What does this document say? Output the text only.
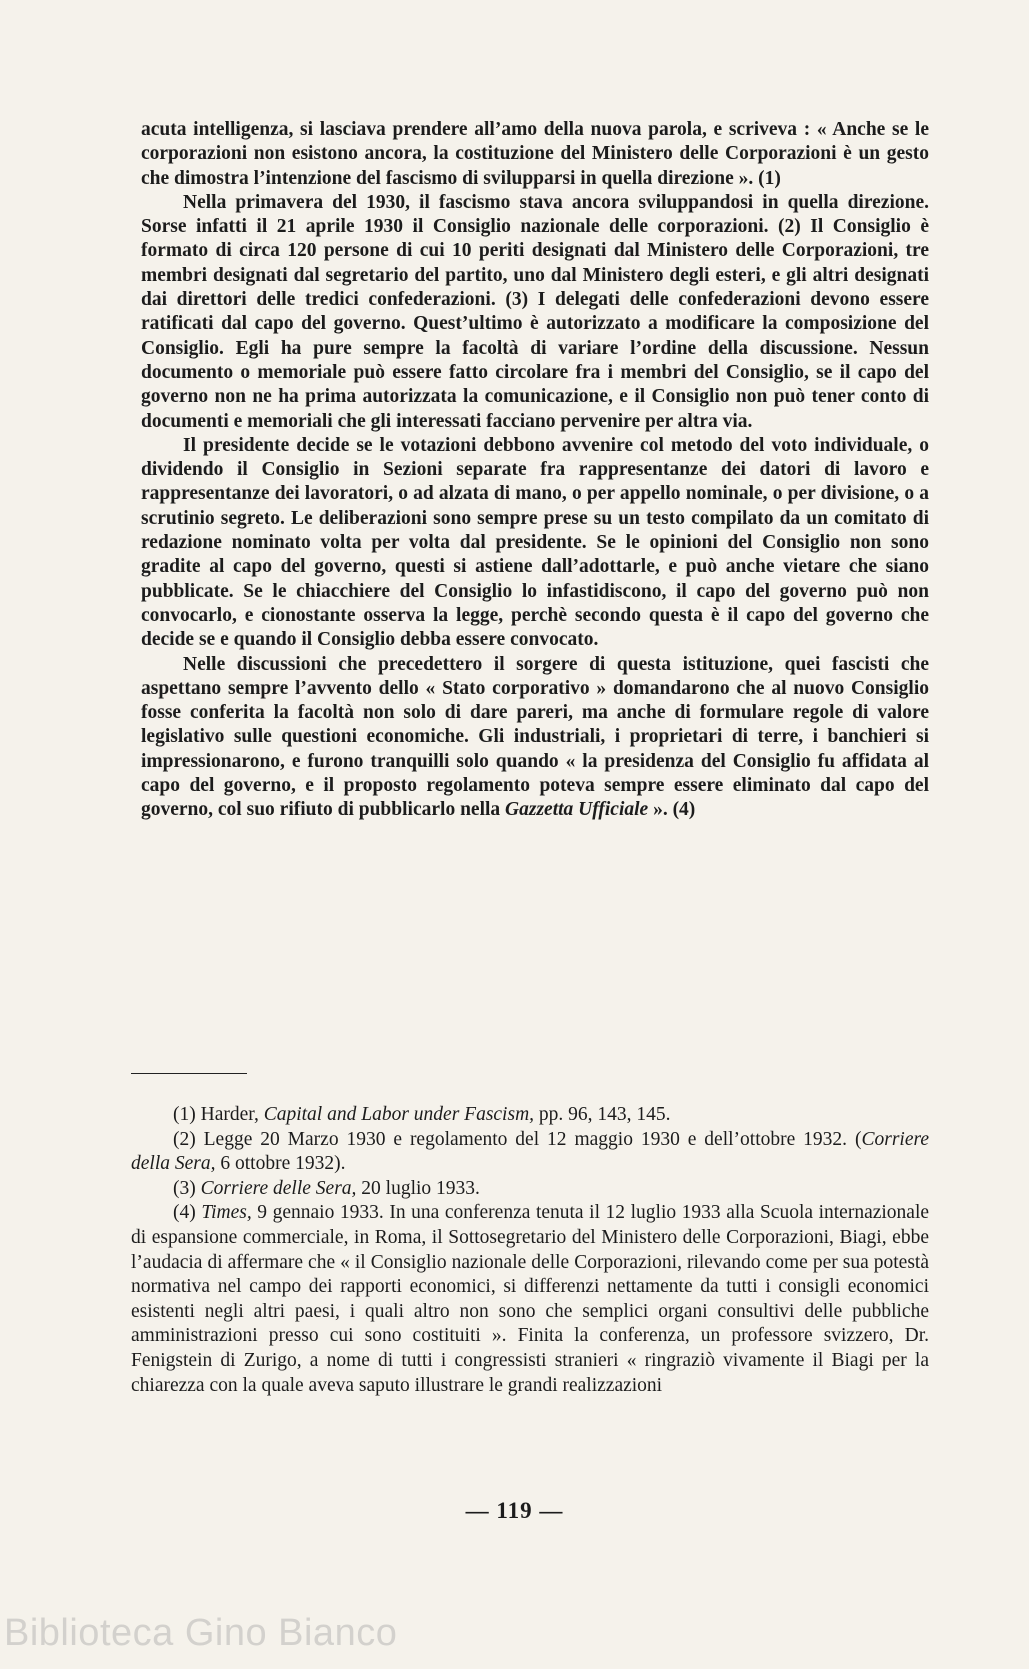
acuta intelligenza, si lasciava prendere all’amo della nuova parola, e scriveva : « Anche se le corporazioni non esistono ancora, la costituzione del Ministero delle Corporazioni è un gesto che dimostra l’intenzione del fascismo di svilupparsi in quella direzione ». (1)

Nella primavera del 1930, il fascismo stava ancora sviluppandosi in quella direzione. Sorse infatti il 21 aprile 1930 il Consiglio nazionale delle corporazioni. (2) Il Consiglio è formato di circa 120 persone di cui 10 periti designati dal Ministero delle Corporazioni, tre membri designati dal segretario del partito, uno dal Ministero degli esteri, e gli altri designati dai direttori delle tredici confederazioni. (3) I delegati delle confederazioni devono essere ratificati dal capo del governo. Quest’ultimo è autorizzato a modificare la composizione del Consiglio. Egli ha pure sempre la facoltà di variare l’ordine della discussione. Nessun documento o memoriale può essere fatto circolare fra i membri del Consiglio, se il capo del governo non ne ha prima autorizzata la comunicazione, e il Consiglio non può tener conto di documenti e memoriali che gli interessati facciano pervenire per altra via.

Il presidente decide se le votazioni debbono avvenire col metodo del voto individuale, o dividendo il Consiglio in Sezioni separate fra rappresentanze dei datori di lavoro e rappresentanze dei lavoratori, o ad alzata di mano, o per appello nominale, o per divisione, o a scrutinio segreto. Le deliberazioni sono sempre prese su un testo compilato da un comitato di redazione nominato volta per volta dal presidente. Se le opinioni del Consiglio non sono gradite al capo del governo, questi si astiene dall’adottarle, e può anche vietare che siano pubblicate. Se le chiacchiere del Consiglio lo infastidiscono, il capo del governo può non convocarlo, e cionostante osserva la legge, perchè secondo questa è il capo del governo che decide se e quando il Consiglio debba essere convocato.

Nelle discussioni che precedettero il sorgere di questa istituzione, quei fascisti che aspettano sempre l’avvento dello « Stato corporativo » domandarono che al nuovo Consiglio fosse conferita la facoltà non solo di dare pareri, ma anche di formulare regole di valore legislativo sulle questioni economiche. Gli industriali, i proprietari di terre, i banchieri si impressionarono, e furono tranquilli solo quando « la presidenza del Consiglio fu affidata al capo del governo, e il proposto regolamento poteva sempre essere eliminato dal capo del governo, col suo rifiuto di pubblicarlo nella Gazzetta Ufficiale ». (4)

(1) Harder, Capital and Labor under Fascism, pp. 96, 143, 145.

(2) Legge 20 Marzo 1930 e regolamento del 12 maggio 1930 e dell’ottobre 1932. (Corriere della Sera, 6 ottobre 1932).

(3) Corriere delle Sera, 20 luglio 1933.

(4) Times, 9 gennaio 1933. In una conferenza tenuta il 12 luglio 1933 alla Scuola internazionale di espansione commerciale, in Roma, il Sottosegretario del Ministero delle Corporazioni, Biagi, ebbe l’audacia di affermare che « il Consiglio nazionale delle Corporazioni, rilevando come per sua potestà normativa nel campo dei rapporti economici, si differenzi nettamente da tutti i consigli economici esistenti negli altri paesi, i quali altro non sono che semplici organi consultivi delle pubbliche amministrazioni presso cui sono costituiti ». Finita la conferenza, un professore svizzero, Dr. Fenigstein di Zurigo, a nome di tutti i congressisti stranieri « ringraziò vivamente il Biagi per la chiarezza con la quale aveva saputo illustrare le grandi realizzazioni

— 119 —
Biblioteca Gino Bianco
